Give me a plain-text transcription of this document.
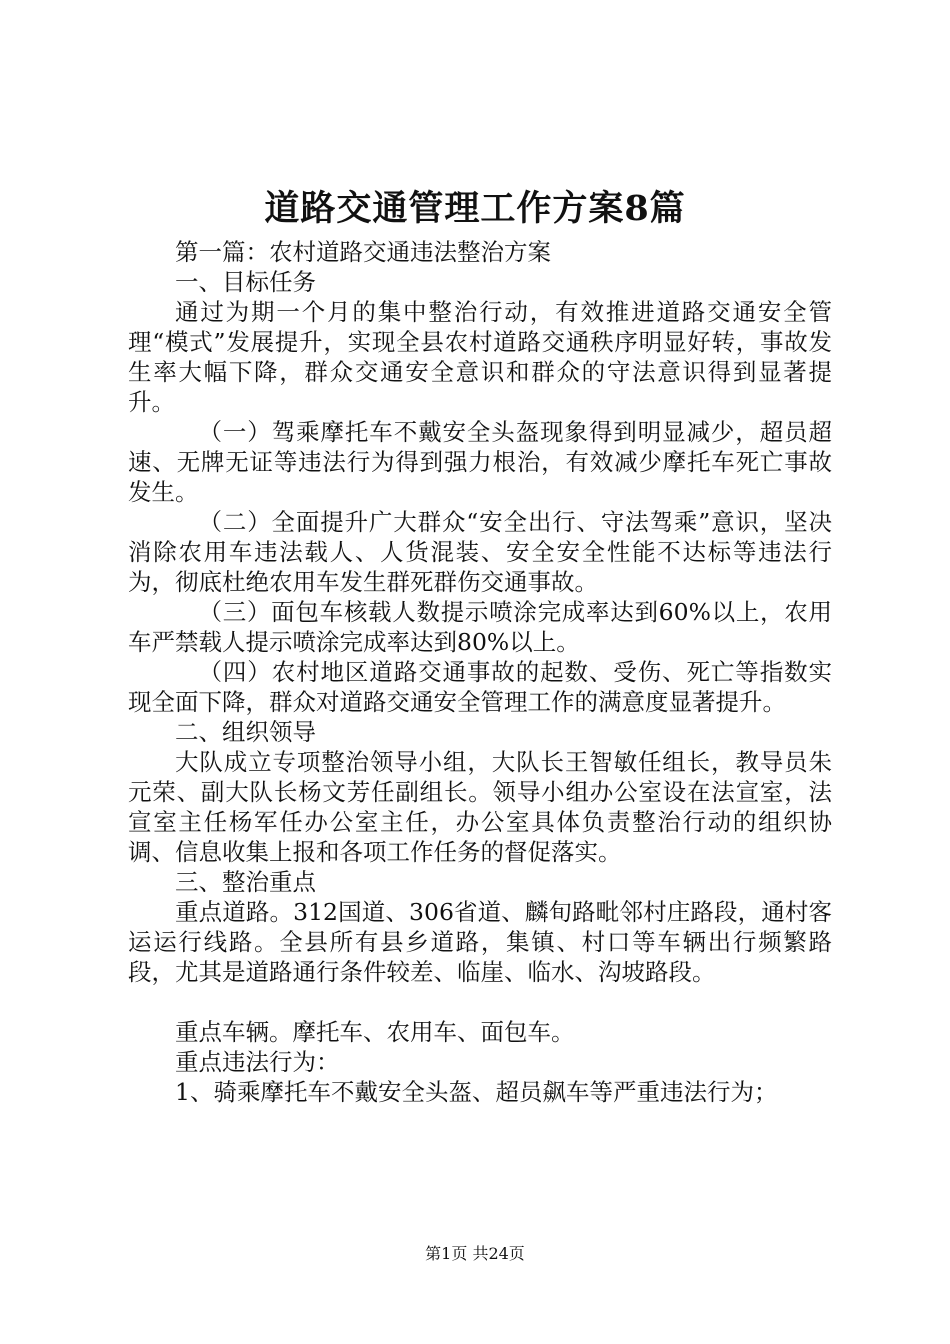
道路交通管理工作方案8篇

第一篇：农村道路交通违法整治方案

一、目标任务

通过为期一个月的集中整治行动，有效推进道路交通安全管理“模式”发展提升，实现全县农村道路交通秩序明显好转，事故发生率大幅下降，群众交通安全意识和群众的守法意识得到显著提升。

（一）驾乘摩托车不戴安全头盔现象得到明显减少，超员超速、无牌无证等违法行为得到强力根治，有效减少摩托车死亡事故发生。

（二）全面提升广大群众“安全出行、守法驾乘”意识，坚决消除农用车违法载人、人货混装、安全安全性能不达标等违法行为，彻底杜绝农用车发生群死群伤交通事故。

（三）面包车核载人数提示喷涂完成率达到60%以上，农用车严禁载人提示喷涂完成率达到80%以上。

（四）农村地区道路交通事故的起数、受伤、死亡等指数实现全面下降，群众对道路交通安全管理工作的满意度显著提升。

二、组织领导

大队成立专项整治领导小组，大队长王智敏任组长，教导员朱元荣、副大队长杨文芳任副组长。领导小组办公室设在法宣室，法宣室主任杨军任办公室主任，办公室具体负责整治行动的组织协调、信息收集上报和各项工作任务的督促落实。

三、整治重点

重点道路。312国道、306省道、麟旬路毗邻村庄路段，通村客运运行线路。全县所有县乡道路，集镇、村口等车辆出行频繁路段，尤其是道路通行条件较差、临崖、临水、沟坡路段。

重点车辆。摩托车、农用车、面包车。

重点违法行为：

1、骑乘摩托车不戴安全头盔、超员飙车等严重违法行为；

第1页 共24页
